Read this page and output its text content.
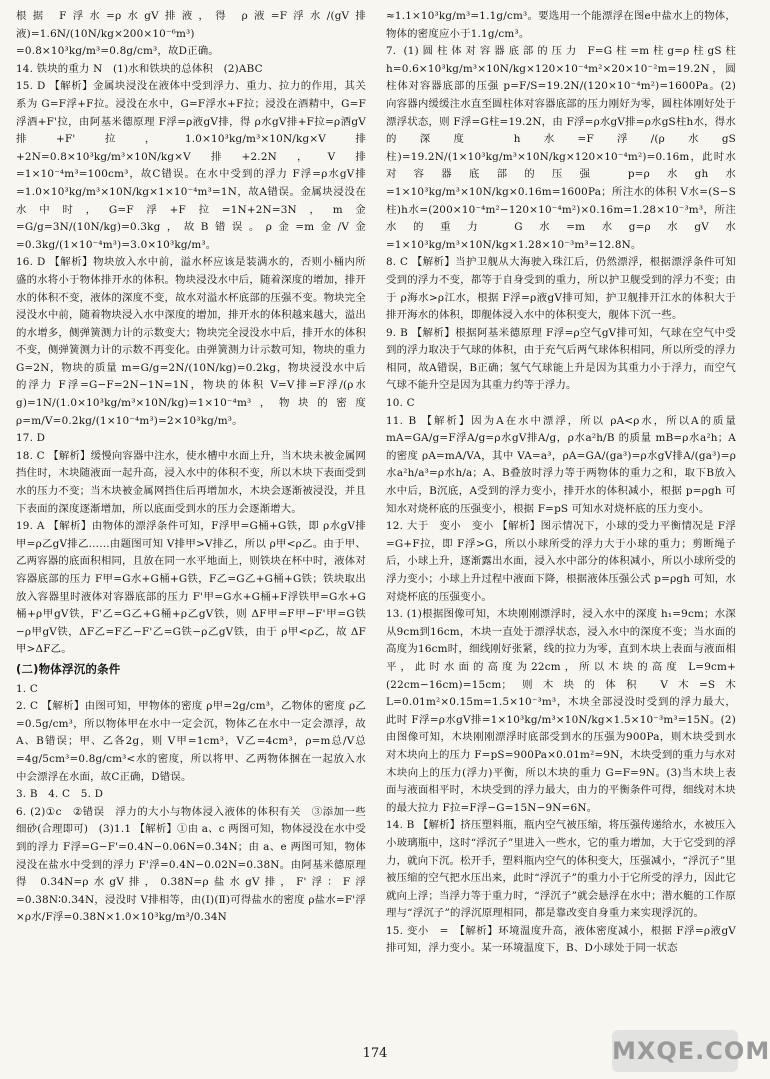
根据 F浮水=ρ水gV排液，得 ρ液=F浮水/(gV排液)=1.6N/(10N/kg×200×10⁻⁶m³)

=0.8×10³kg/m³=0.8g/cm³，故D正确。

14. 铁块的重力 N　(1)水和铁块的总体积　(2)ABC

15. D 【解析】金属块浸没在液体中受到浮力、重力、拉力的作用，其关系为 G=F浮+F拉。浸没在水中，G=F浮水+F拉；浸没在酒精中，G=F浮酒+F'拉，由阿基米德原理 F浮=ρ液gV排，得 ρ水gV排+F拉=ρ酒gV排+F'拉，1.0×10³kg/m³×10N/kg×V排+2N=0.8×10³kg/m³×10N/kg×V排+2.2N，V排=1×10⁻⁴m³=100cm³，故C错误。在水中受到的浮力 F浮=ρ水gV排=1.0×10³kg/m³×10N/kg×1×10⁻⁴m³=1N，故A错误。金属块浸没在水中时，G=F浮+F拉=1N+2N=3N，m金=G/g=3N/(10N/kg)=0.3kg，故B错误。ρ金=m金/V金=0.3kg/(1×10⁻⁴m³)=3.0×10³kg/m³。

16. D 【解析】物块放入水中前，溢水杯应该是装满水的，否则小桶内所盛的水将小于物体排开水的体积。物块浸没水中后，随着深度的增加，排开水的体积不变，液体的深度不变，故水对溢水杯底部的压强不变。物块完全浸没水中前，随着物块浸入水中深度的增加，排开水的体积越来越大，溢出的水增多，侧弹簧测力计的示数变大；物块完全浸没水中后，排开水的体积不变，侧弹簧测力计的示数不再变化。由弹簧测力计示数可知，物块的重力 G=2N，物块的质量 m=G/g=2N/(10N/kg)=0.2kg，物块浸没水中后的浮力 F浮=G−F=2N−1N=1N，物块的体积 V=V排=F浮/(ρ水g)=1N/(1.0×10³kg/m³×10N/kg)=1×10⁻⁴m³，物块的密度 ρ=m/V=0.2kg/(1×10⁻⁴m³)=2×10³kg/m³。

17. D

18. C 【解析】缓慢向容器中注水，使水槽中水面上升，当木块未被金属网挡住时，木块随液面一起升高，浸入水中的体积不变，所以木块下表面受到水的压力不变；当木块被金属网挡住后再增加水，木块会逐渐被浸没，并且下表面的深度逐渐增加，所以底面受到水的压力会逐渐增大。

19. A 【解析】由物体的漂浮条件可知，F浮甲=G桶+G铁，即 ρ水gV排甲=ρ乙gV排乙……由题图可知 V排甲>V排乙，所以 ρ甲<ρ乙。由于甲、乙两容器的底面积相同，且放在同一水平地面上，则铁块在杯中时，液体对容器底部的压力 F甲=G水+G桶+G铁，F乙=G乙+G桶+G铁；铁块取出放入容器里时液体对容器底部的压力 F'甲=G水+G桶+F浮铁甲=G水+G桶+ρ甲gV铁，F'乙=G乙+G桶+ρ乙gV铁，则 ΔF甲=F甲−F'甲=G铁−ρ甲gV铁，ΔF乙=F乙−F'乙=G铁−ρ乙gV铁，由于 ρ甲<ρ乙，故 ΔF甲>ΔF乙。

(二)物体浮沉的条件

1. C

2. C 【解析】由图可知，甲物体的密度 ρ甲=2g/cm³，乙物体的密度 ρ乙=0.5g/cm³，所以物体甲在水中一定会沉，物体乙在水中一定会漂浮，故A、B错误；甲、乙各2g，则 V甲=1cm³，V乙=4cm³，ρ=m总/V总=4g/5cm³=0.8g/cm³<水的密度，所以将甲、乙两物体捆在一起放入水中会漂浮在水面，故C正确，D错误。

3. B　4. C　5. D

6. (2)①c　②错误　浮力的大小与物体浸入液体的体积有关　③添加一些细砂(合理即可)　(3)1.1 【解析】①由 a、c 两图可知，物体浸没在水中受到的浮力 F浮=G−F'=0.4N−0.06N=0.34N；由 a、e 两图可知，物体浸没在盐水中受到的浮力 F'浮=0.4N−0.02N=0.38N。由阿基米德原理得 0.34N=ρ水gV排，0.38N=ρ盐水gV排，F'浮：F浮=0.38N∶0.34N，浸没时 V排相等，由(Ⅰ)(Ⅱ)可得盐水的密度 ρ盐水=F'浮×ρ水/F浮=0.38N×1.0×10³kg/m³/0.34N

≈1.1×10³kg/m³=1.1g/cm³。要选用一个能漂浮在图e中盐水上的物体，物体的密度应小于1.1g/cm³。

7. (1)圆柱体对容器底部的压力 F=G柱=m柱g=ρ柱gS柱h=0.6×10³kg/m³×10N/kg×120×10⁻⁴m²×20×10⁻²m=19.2N，圆柱体对容器底部的压强 p=F/S=19.2N/(120×10⁻⁴m²)=1600Pa。(2)向容器内缓缓注水直至圆柱体对容器底部的压力刚好为零，圆柱体刚好处于漂浮状态，则 F浮=G柱=19.2N，由 F浮=ρ水gV排=ρ水gS柱h水，得水的深度 h水=F浮/(ρ水gS柱)=19.2N/(1×10³kg/m³×10N/kg×120×10⁻⁴m²)=0.16m，此时水对容器底部的压强 p=ρ水gh水=1×10³kg/m³×10N/kg×0.16m=1600Pa；所注水的体积 V水=(S−S柱)h水=(200×10⁻⁴m²−120×10⁻⁴m²)×0.16m=1.28×10⁻³m³，所注水的重力 G水=m水g=ρ水gV水=1×10³kg/m³×10N/kg×1.28×10⁻³m³=12.8N。

8. C 【解析】当护卫舰从大海驶入珠江后，仍然漂浮，根据漂浮条件可知受到的浮力不变，都等于自身受到的重力，所以护卫舰受到的浮力不变；由于 ρ海水>ρ江水，根据 F浮=ρ液gV排可知，护卫舰排开江水的体积大于排开海水的体积，即舰体浸入水中的体积变大，舰体下沉一些。

9. B 【解析】根据阿基米德原理 F浮=ρ空气gV排可知，气球在空气中受到的浮力取决于气球的体积，由于充气后两气球体积相同，所以所受的浮力相同，故A错误，B正确；氢气气球能上升是因为其重力小于浮力，而空气气球不能升空是因为其重力约等于浮力。

10. C

11. B 【解析】因为A在水中漂浮，所以 ρA<ρ水，所以A的质量 mA=GA/g=F浮A/g=ρ水gV排A/g，ρ水a²h/B 的质量 mB=ρ水a²h；A的密度 ρA=mA/VA，其中 VA=a³，ρA=GA/(ga³)=ρ水gV排A/(ga³)=ρ水a²h/a³=ρ水h/a；A、B叠放时浮力等于两物体的重力之和，取下B放入水中后，B沉底，A受到的浮力变小，排开水的体积减小，根据 p=ρgh 可知水对烧杯底的压强变小，根据 F=pS 可知水对烧杯底的压力变小。

12. 大于　变小　变小 【解析】图示情况下，小球的受力平衡情况是 F浮=G+F拉，即 F浮>G，所以小球所受的浮力大于小球的重力；剪断绳子后，小球上升，逐渐露出水面，浸入水中部分的体积减小，所以小球所受的浮力变小；小球上升过程中液面下降，根据液体压强公式 p=ρgh 可知，水对烧杯底的压强变小。

13. (1)根据图像可知，木块刚刚漂浮时，浸入水中的深度 h₁=9cm；水深从9cm到16cm，木块一直处于漂浮状态，浸入水中的深度不变；当水面的高度为16cm时，细线刚好张紧，线的拉力为零，直到木块上表面与液面相平，此时水面的高度为22cm，所以木块的高度 L=9cm+(22cm−16cm)=15cm；则木块的体积 V木=S木L=0.01m²×0.15m=1.5×10⁻³m³，木块全部浸没时受到的浮力最大，此时 F浮=ρ水gV排=1×10³kg/m³×10N/kg×1.5×10⁻³m³=15N。(2)由图像可知，木块刚刚漂浮时底部受到水的压强为900Pa，则木块受到水对木块向上的压力 F=pS=900Pa×0.01m²=9N，木块受到的重力与水对木块向上的压力(浮力)平衡，所以木块的重力 G=F=9N。(3)当木块上表面与液面相平时，木块受到的浮力最大，由力的平衡条件可得，细线对木块的最大拉力 F拉=F浮−G=15N−9N=6N。

14. B 【解析】挤压塑料瓶，瓶内空气被压缩，将压强传递给水，水被压入小玻璃瓶中，这时“浮沉子”里进入一些水，它的重力增加，大于它受到的浮力，就向下沉。松开手，塑料瓶内空气的体积变大，压强减小，“浮沉子”里被压缩的空气把水压出来，此时“浮沉子”的重力小于它所受的浮力，因此它就向上浮；当浮力等于重力时，“浮沉子”就会悬浮在水中；潜水艇的工作原理与“浮沉子”的浮沉原理相同，都是靠改变自身重力来实现浮沉的。

15. 变小　=　【解析】环境温度升高，液体密度减小，根据 F浮=ρ液gV排可知，浮力变小。某一环境温度下，B、D小球处于同一状态

174	MXQE.COM
